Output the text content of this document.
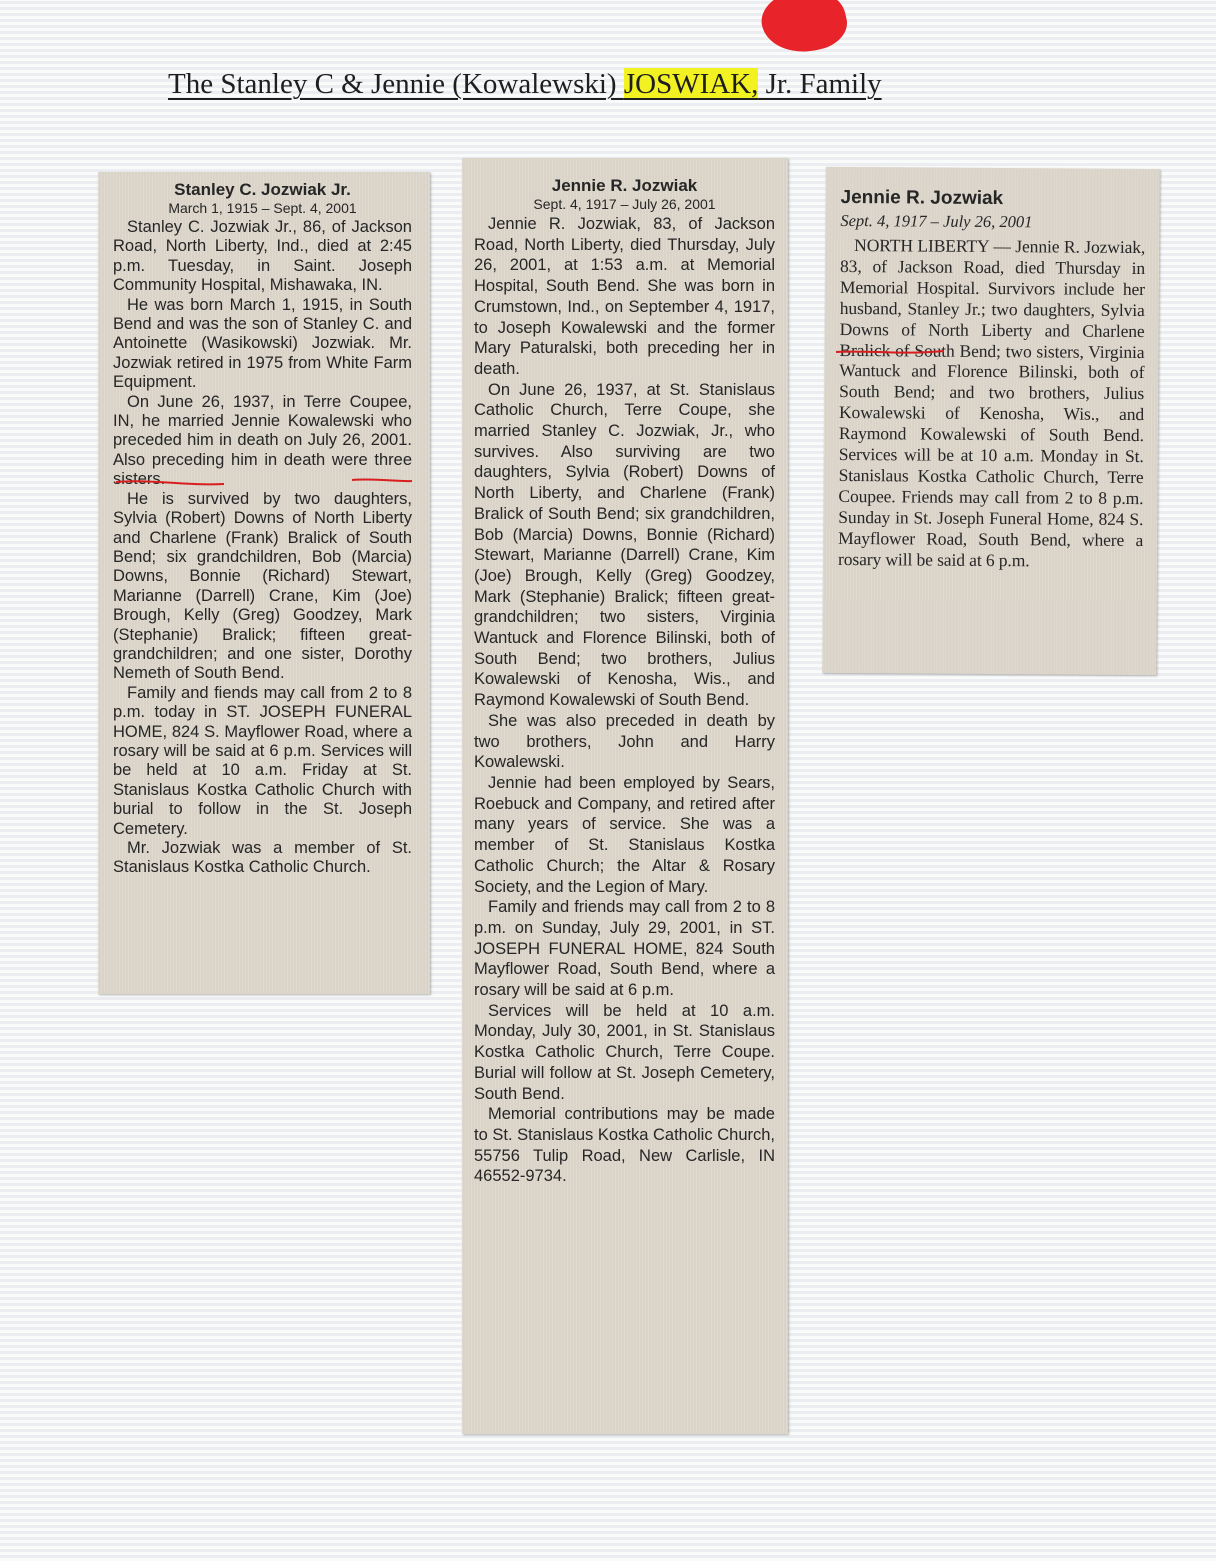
The Stanley C & Jennie (Kowalewski) JOSWIAK, Jr. Family
Stanley C. Jozwiak Jr.
March 1, 1915 – Sept. 4, 2001

Stanley C. Jozwiak Jr., 86, of Jackson Road, North Liberty, Ind., died at 2:45 p.m. Tuesday, in Saint. Joseph Community Hospital, Mishawaka, IN.

He was born March 1, 1915, in South Bend and was the son of Stanley C. and Antoinette (Wasikowski) Jozwiak. Mr. Jozwiak retired in 1975 from White Farm Equipment.

On June 26, 1937, in Terre Coupee, IN, he married Jennie Kowalewski who preceded him in death on July 26, 2001. Also preceding him in death were three sisters.

He is survived by two daughters, Sylvia (Robert) Downs of North Liberty and Charlene (Frank) Bralick of South Bend; six grandchildren, Bob (Marcia) Downs, Bonnie (Richard) Stewart, Marianne (Darrell) Crane, Kim (Joe) Brough, Kelly (Greg) Goodzey, Mark (Stephanie) Bralick; fifteen great-grandchildren; and one sister, Dorothy Nemeth of South Bend.

Family and fiends may call from 2 to 8 p.m. today in ST. JOSEPH FUNERAL HOME, 824 S. Mayflower Road, where a rosary will be said at 6 p.m. Services will be held at 10 a.m. Friday at St. Stanislaus Kostka Catholic Church with burial to follow in the St. Joseph Cemetery.

Mr. Jozwiak was a member of St. Stanislaus Kostka Catholic Church.

Jennie R. Jozwiak
Sept. 4, 1917 – July 26, 2001

Jennie R. Jozwiak, 83, of Jackson Road, North Liberty, died Thursday, July 26, 2001, at 1:53 a.m. at Memorial Hospital, South Bend. She was born in Crumstown, Ind., on September 4, 1917, to Joseph Kowalewski and the former Mary Paturalski, both preceding her in death.

On June 26, 1937, at St. Stanislaus Catholic Church, Terre Coupe, she married Stanley C. Jozwiak, Jr., who survives. Also surviving are two daughters, Sylvia (Robert) Downs of North Liberty, and Charlene (Frank) Bralick of South Bend; six grandchildren, Bob (Marcia) Downs, Bonnie (Richard) Stewart, Marianne (Darrell) Crane, Kim (Joe) Brough, Kelly (Greg) Goodzey, Mark (Stephanie) Bralick; fifteen great-grandchildren; two sisters, Virginia Wantuck and Florence Bilinski, both of South Bend; two brothers, Julius Kowalewski of Kenosha, Wis., and Raymond Kowalewski of South Bend.

She was also preceded in death by two brothers, John and Harry Kowalewski.

Jennie had been employed by Sears, Roebuck and Company, and retired after many years of service. She was a member of St. Stanislaus Kostka Catholic Church; the Altar & Rosary Society, and the Legion of Mary.

Family and friends may call from 2 to 8 p.m. on Sunday, July 29, 2001, in ST. JOSEPH FUNERAL HOME, 824 South Mayflower Road, South Bend, where a rosary will be said at 6 p.m.

Services will be held at 10 a.m. Monday, July 30, 2001, in St. Stanislaus Kostka Catholic Church, Terre Coupe. Burial will follow at St. Joseph Cemetery, South Bend.

Memorial contributions may be made to St. Stanislaus Kostka Catholic Church, 55756 Tulip Road, New Carlisle, IN 46552-9734.

Jennie R. Jozwiak
Sept. 4, 1917 – July 26, 2001

NORTH LIBERTY — Jennie R. Jozwiak, 83, of Jackson Road, died Thursday in Memorial Hospital. Survivors include her husband, Stanley Jr.; two daughters, Sylvia Downs of North Liberty and Charlene Bralick of South Bend; two sisters, Virginia Wantuck and Florence Bilinski, both of South Bend; and two brothers, Julius Kowalewski of Kenosha, Wis., and Raymond Kowalewski of South Bend. Services will be at 10 a.m. Monday in St. Stanislaus Kostka Catholic Church, Terre Coupee. Friends may call from 2 to 8 p.m. Sunday in St. Joseph Funeral Home, 824 S. Mayflower Road, South Bend, where a rosary will be said at 6 p.m.
